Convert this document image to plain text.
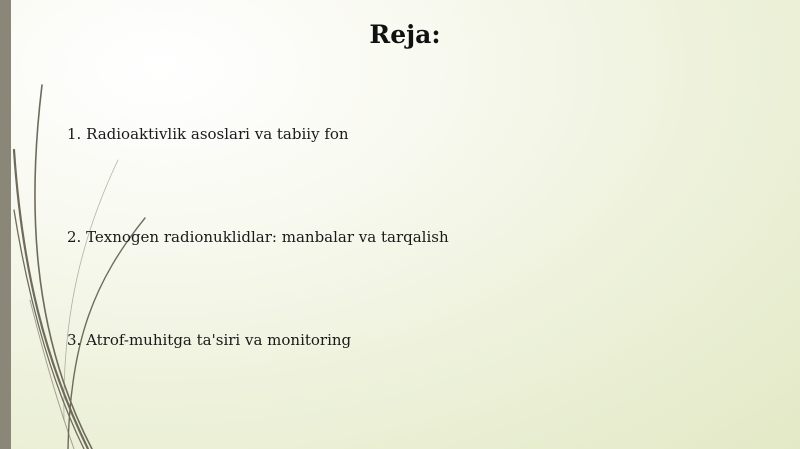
Reja:
1. Radioaktivlik asoslari va tabiiy fon
2. Texnogen radionuklidlar: manbalar va tarqalish
3. Atrof-muhitga ta'siri va monitoring
